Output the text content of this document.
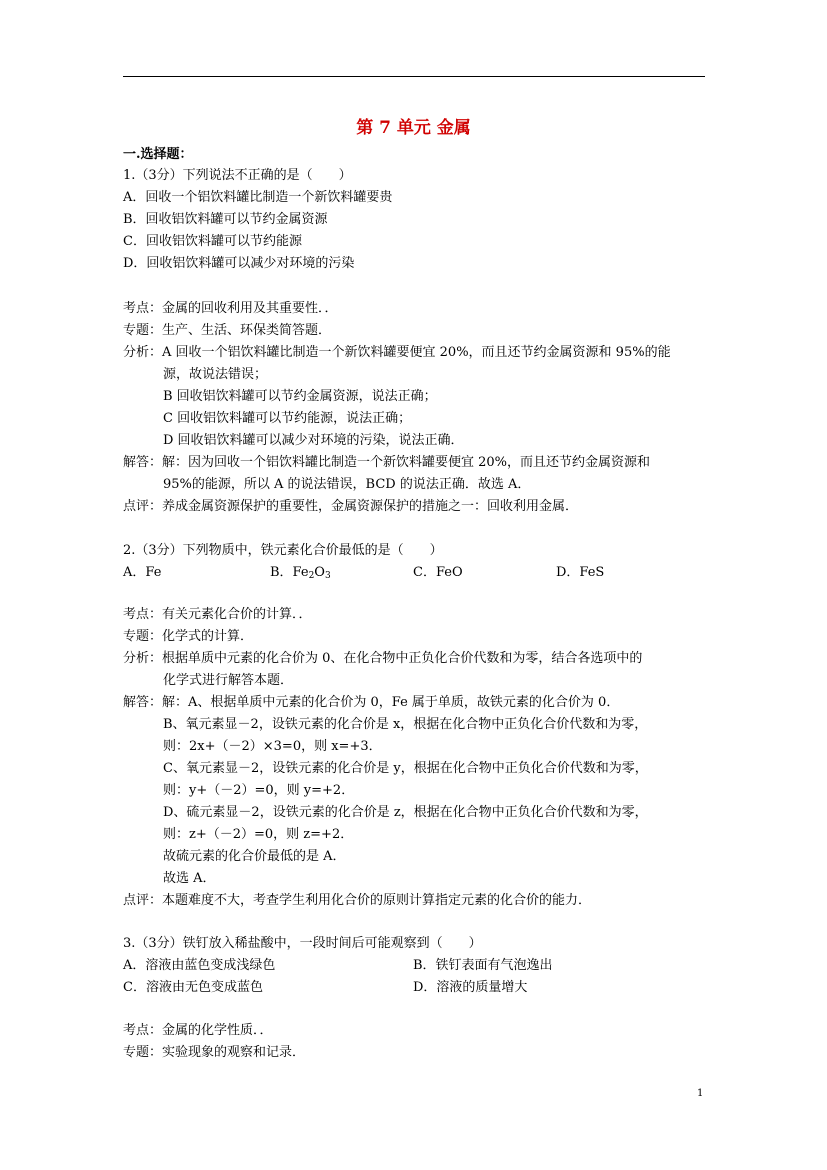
第 7 单元 金属
一.选择题：
1.（3分）下列说法不正确的是（　　）
A．回收一个铝饮料罐比制造一个新饮料罐要贵
B．回收铝饮料罐可以节约金属资源
C．回收铝饮料罐可以节约能源
D．回收铝饮料罐可以减少对环境的污染
考点：金属的回收利用及其重要性．．
专题：生产、生活、环保类简答题．
分析：A 回收一个铝饮料罐比制造一个新饮料罐要便宜 20%，而且还节约金属资源和 95%的能
源，故说法错误；
B 回收铝饮料罐可以节约金属资源，说法正确；
C 回收铝饮料罐可以节约能源，说法正确；
D 回收铝饮料罐可以减少对环境的污染，说法正确．
解答：解：因为回收一个铝饮料罐比制造一个新饮料罐要便宜 20%，而且还节约金属资源和
95%的能源，所以 A 的说法错误，BCD 的说法正确．故选 A．
点评：养成金属资源保护的重要性，金属资源保护的措施之一：回收利用金属．
2.（3分）下列物质中，铁元素化合价最低的是（　　）
A．Fe	B．$Fe_2O_3$	C．FeO	D．FeS
考点：有关元素化合价的计算．．
专题：化学式的计算．
分析：根据单质中元素的化合价为 0、在化合物中正负化合价代数和为零，结合各选项中的
化学式进行解答本题．
解答：解：A、根据单质中元素的化合价为 0，Fe 属于单质，故铁元素的化合价为 0．
B、氧元素显－2，设铁元素的化合价是 x，根据在化合物中正负化合价代数和为零，
则：2x+（－2）×3=0，则 x=+3．
C、氧元素显－2，设铁元素的化合价是 y，根据在化合物中正负化合价代数和为零，
则：y+（－2）=0，则 y=+2．
D、硫元素显－2，设铁元素的化合价是 z，根据在化合物中正负化合价代数和为零，
则：z+（－2）=0，则 z=+2．
故硫元素的化合价最低的是 A．
故选 A．
点评：本题难度不大，考查学生利用化合价的原则计算指定元素的化合价的能力．
3.（3分）铁钉放入稀盐酸中，一段时间后可能观察到（　　）
A．溶液由蓝色变成浅绿色	B．铁钉表面有气泡逸出
C．溶液由无色变成蓝色	D．溶液的质量增大
考点：金属的化学性质．．
专题：实验现象的观察和记录．
1
